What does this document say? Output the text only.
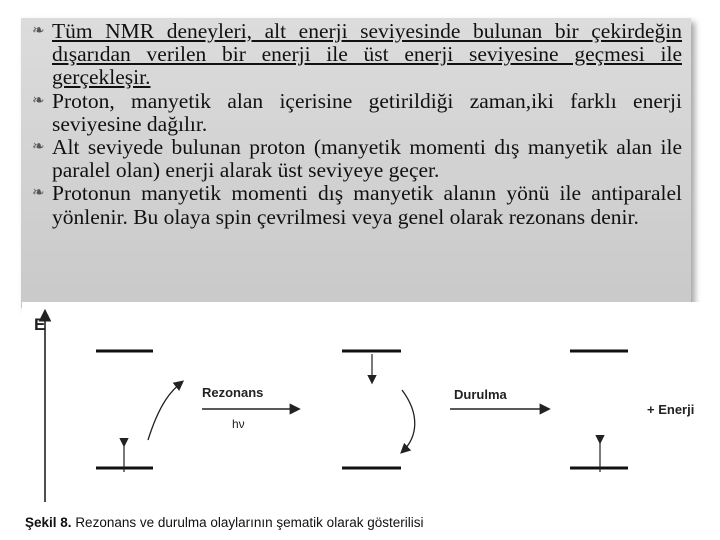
❧ Tüm NMR deneyleri, alt enerji seviyesinde bulunan bir çekirdeğin dışarıdan verilen bir enerji ile üst enerji seviyesine geçmesi ile gerçekleşir.
❧ Proton, manyetik alan içerisine getirildiği zaman,iki farklı enerji seviyesine dağılır.
❧ Alt seviyede bulunan proton (manyetik momenti dış manyetik alan ile paralel olan) enerji alarak üst seviyeye geçer.
❧ Protonun manyetik momenti dış manyetik alanın yönü ile antiparalel yönlenir. Bu olaya spin çevrilmesi veya genel olarak rezonans denir.
E
Rezonans
hν
Durulma
+ Enerji
Şekil 8. Rezonans ve durulma olaylarının şematik olarak gösterilisi
